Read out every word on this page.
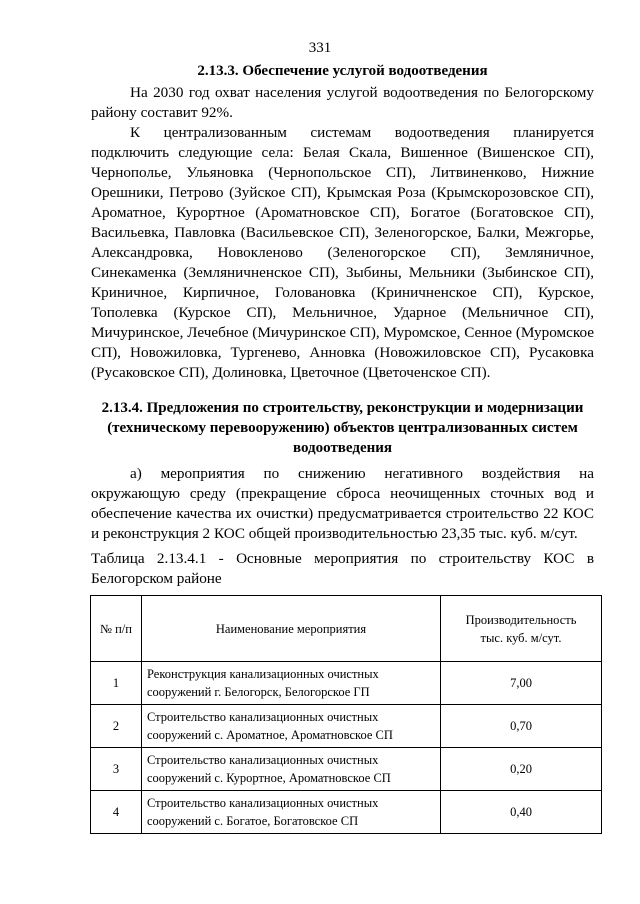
331
2.13.3. Обеспечение услугой водоотведения

На 2030 год охват населения услугой водоотведения по Белогорскому району составит 92%.

К централизованным системам водоотведения планируется подключить следующие села: Белая Скала, Вишенное (Вишенское СП), Чернополье, Ульяновка (Чернопольское СП), Литвиненково, Нижние Орешники, Петрово (Зуйское СП), Крымская Роза (Крымскорозовское СП), Ароматное, Курортное (Ароматновское СП), Богатое (Богатовское СП), Васильевка, Павловка (Васильевское СП), Зеленогорское, Балки, Межгорье, Александровка, Новокленово (Зеленогорское СП), Земляничное, Синекаменка (Земляничненское СП), Зыбины, Мельники (Зыбинское СП), Криничное, Кирпичное, Головановка (Криничненское СП), Курское, Тополевка (Курское СП), Мельничное, Ударное (Мельничное СП), Мичуринское, Лечебное (Мичуринское СП), Муромское, Сенное (Муромское СП), Новожиловка, Тургенево, Анновка (Новожиловское СП), Русаковка (Русаковское СП), Долиновка, Цветочное (Цветоченское СП).

2.13.4. Предложения по строительству, реконструкции и модернизации (техническому перевооружению) объектов централизованных систем водоотведения

а) мероприятия по снижению негативного воздействия на окружающую среду (прекращение сброса неочищенных сточных вод и обеспечение качества их очистки) предусматривается строительство 22 КОС и реконструкция 2 КОС общей производительностью 23,35 тыс. куб. м/сут.

Таблица 2.13.4.1 - Основные мероприятия по строительству КОС в Белогорском районе

№ п/п	Наименование мероприятия	Производительность
тыс. куб. м/сут.

1	Реконструкция канализационных очистных
сооружений г. Белогорск, Белогорское ГП	7,00
2	Строительство канализационных очистных
сооружений с. Ароматное, Ароматновское СП	0,70
3	Строительство канализационных очистных
сооружений с. Курортное, Ароматновское СП	0,20
4	Строительство канализационных очистных
сооружений с. Богатое, Богатовское СП	0,40
